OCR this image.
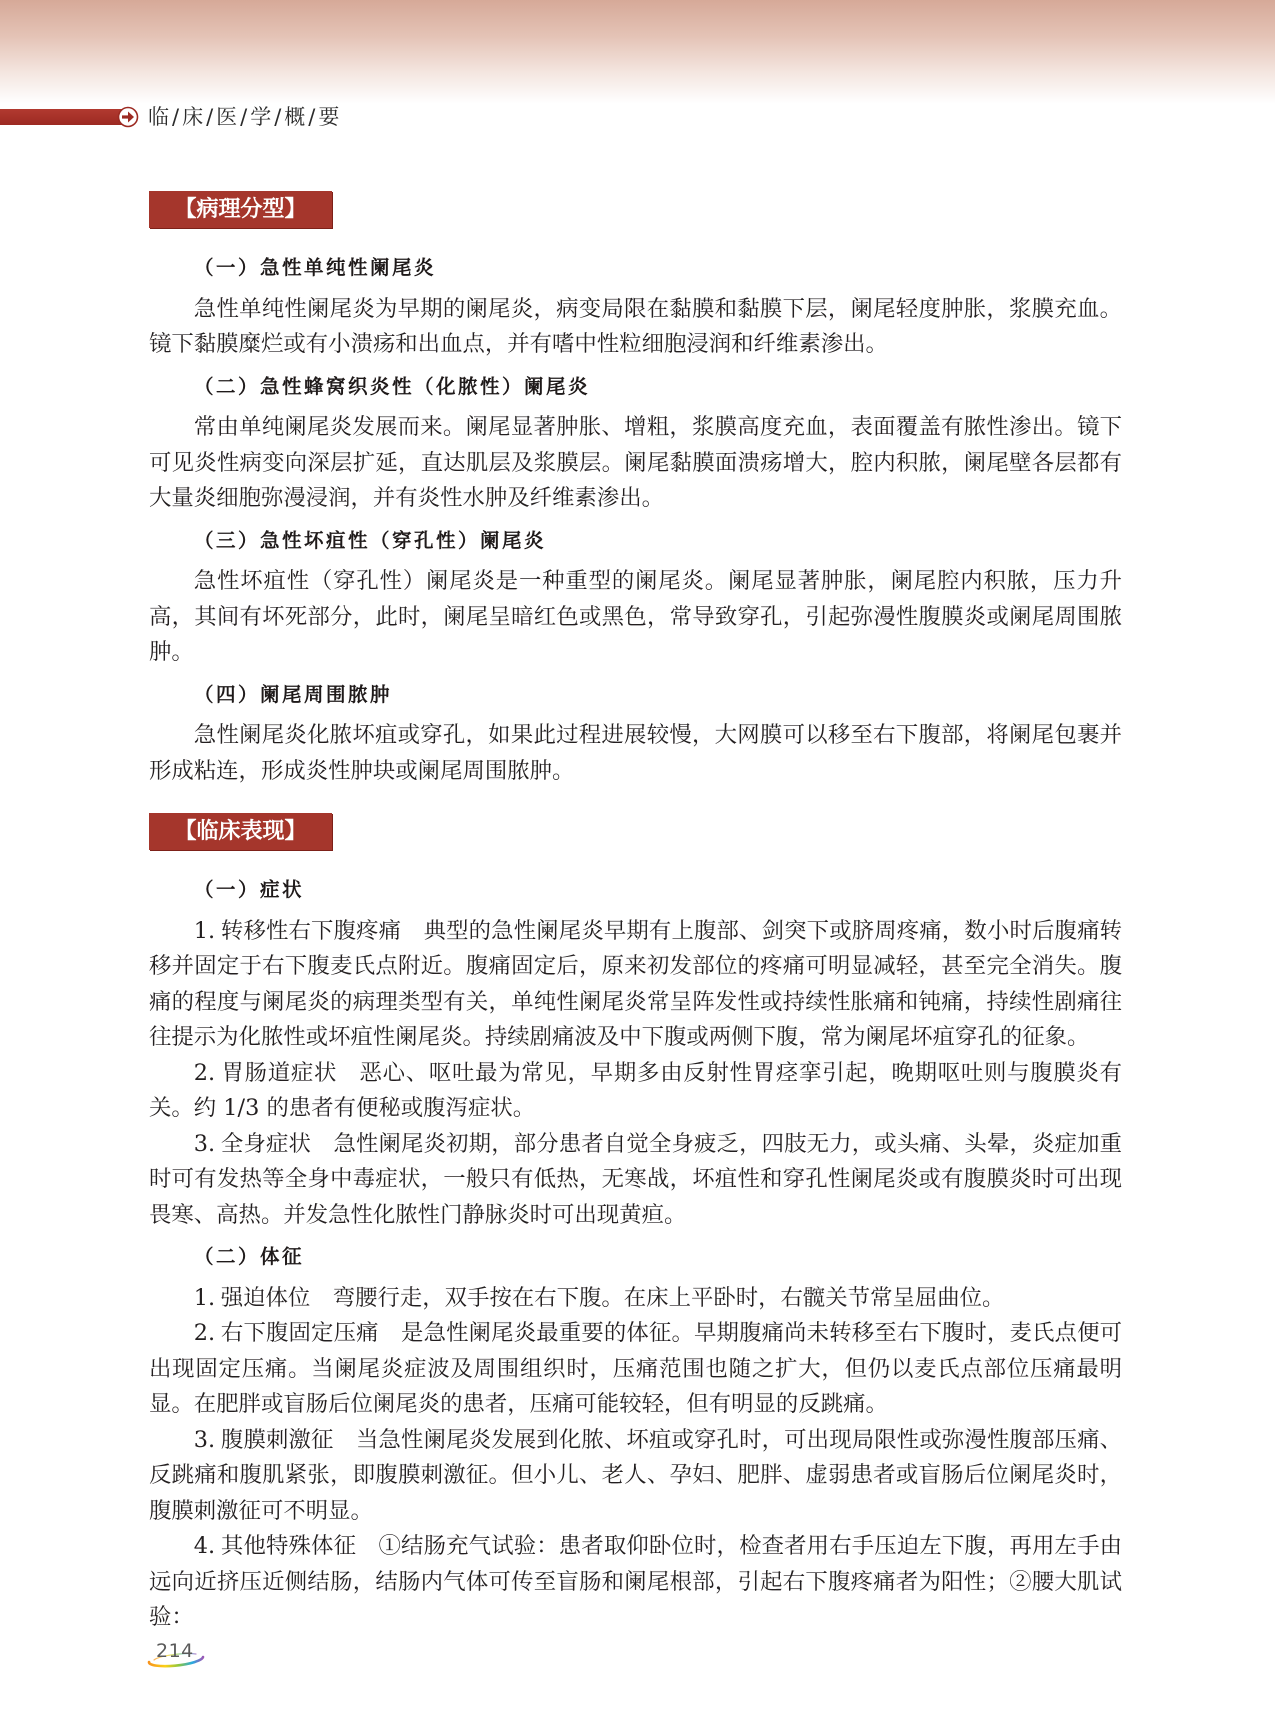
临/床/医/学/概/要
【病理分型】
（一）急性单纯性阑尾炎

急性单纯性阑尾炎为早期的阑尾炎，病变局限在黏膜和黏膜下层，阑尾轻度肿胀，浆膜充血。镜下黏膜糜烂或有小溃疡和出血点，并有嗜中性粒细胞浸润和纤维素渗出。

（二）急性蜂窝织炎性（化脓性）阑尾炎

常由单纯阑尾炎发展而来。阑尾显著肿胀、增粗，浆膜高度充血，表面覆盖有脓性渗出。镜下可见炎性病变向深层扩延，直达肌层及浆膜层。阑尾黏膜面溃疡增大，腔内积脓，阑尾壁各层都有大量炎细胞弥漫浸润，并有炎性水肿及纤维素渗出。

（三）急性坏疽性（穿孔性）阑尾炎

急性坏疽性（穿孔性）阑尾炎是一种重型的阑尾炎。阑尾显著肿胀，阑尾腔内积脓，压力升高，其间有坏死部分，此时，阑尾呈暗红色或黑色，常导致穿孔，引起弥漫性腹膜炎或阑尾周围脓肿。

（四）阑尾周围脓肿

急性阑尾炎化脓坏疽或穿孔，如果此过程进展较慢，大网膜可以移至右下腹部，将阑尾包裹并形成粘连，形成炎性肿块或阑尾周围脓肿。

【临床表现】
（一）症状

1. 转移性右下腹疼痛 典型的急性阑尾炎早期有上腹部、剑突下或脐周疼痛，数小时后腹痛转移并固定于右下腹麦氏点附近。腹痛固定后，原来初发部位的疼痛可明显减轻，甚至完全消失。腹痛的程度与阑尾炎的病理类型有关，单纯性阑尾炎常呈阵发性或持续性胀痛和钝痛，持续性剧痛往往提示为化脓性或坏疽性阑尾炎。持续剧痛波及中下腹或两侧下腹，常为阑尾坏疽穿孔的征象。

2. 胃肠道症状 恶心、呕吐最为常见，早期多由反射性胃痉挛引起，晚期呕吐则与腹膜炎有关。约 1/3 的患者有便秘或腹泻症状。

3. 全身症状 急性阑尾炎初期，部分患者自觉全身疲乏，四肢无力，或头痛、头晕，炎症加重时可有发热等全身中毒症状，一般只有低热，无寒战，坏疽性和穿孔性阑尾炎或有腹膜炎时可出现畏寒、高热。并发急性化脓性门静脉炎时可出现黄疸。

（二）体征

1. 强迫体位 弯腰行走，双手按在右下腹。在床上平卧时，右髋关节常呈屈曲位。

2. 右下腹固定压痛 是急性阑尾炎最重要的体征。早期腹痛尚未转移至右下腹时，麦氏点便可出现固定压痛。当阑尾炎症波及周围组织时，压痛范围也随之扩大，但仍以麦氏点部位压痛最明显。在肥胖或盲肠后位阑尾炎的患者，压痛可能较轻，但有明显的反跳痛。

3. 腹膜刺激征 当急性阑尾炎发展到化脓、坏疽或穿孔时，可出现局限性或弥漫性腹部压痛、反跳痛和腹肌紧张，即腹膜刺激征。但小儿、老人、孕妇、肥胖、虚弱患者或盲肠后位阑尾炎时，腹膜刺激征可不明显。

4. 其他特殊体征 ①结肠充气试验：患者取仰卧位时，检查者用右手压迫左下腹，再用左手由远向近挤压近侧结肠，结肠内气体可传至盲肠和阑尾根部，引起右下腹疼痛者为阳性；②腰大肌试验：

214
